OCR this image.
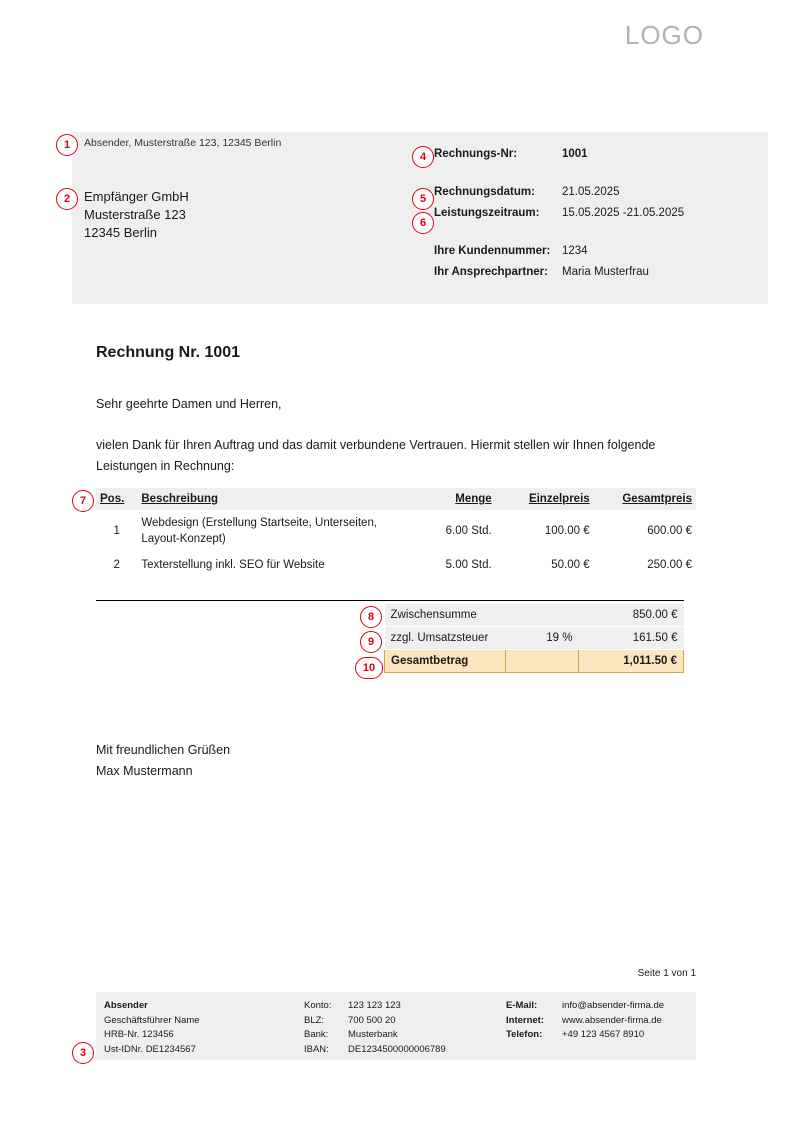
LOGO
1	Absender, Musterstraße 123, 12345 Berlin
2	Empfänger GmbH
Musterstraße 123
12345 Berlin
4
5
6
Rechnungs-Nr:	1001
Rechnungsdatum:	21.05.2025
Leistungszeitraum:	15.05.2025 -21.05.2025
Ihre Kundennummer:	1234
Ihr Ansprechpartner:	Maria Musterfrau
Rechnung Nr. 1001
Sehr geehrte Damen und Herren,
vielen Dank für Ihren Auftrag und das damit verbundene Vertrauen. Hiermit stellen wir Ihnen folgende Leistungen in Rechnung:
7	Pos.	Beschreibung	Menge	Einzelpreis	Gesamtpreis
1	Webdesign (Erstellung Startseite, Unterseiten, Layout-Konzept)	6.00 Std.	100.00 €	600.00 €
2	Texterstellung inkl. SEO für Website	5.00 Std.	50.00 €	250.00 €
8
9
10
Zwischensumme		850.00 €
zzgl. Umsatzsteuer	19 %	161.50 €
Gesamtbetrag		1,011.50 €
Mit freundlichen Grüßen
Max Mustermann
Seite 1 von 1
3
Absender
Geschäftsführer Name
HRB-Nr. 123456
Ust-IDNr. DE1234567
Konto:	123 123 123
BLZ:	700 500 20
Bank:	Musterbank
IBAN:	DE1234500000006789
E-Mail:	info@absender-firma.de
Internet:	www.absender-firma.de
Telefon:	+49 123 4567 8910
